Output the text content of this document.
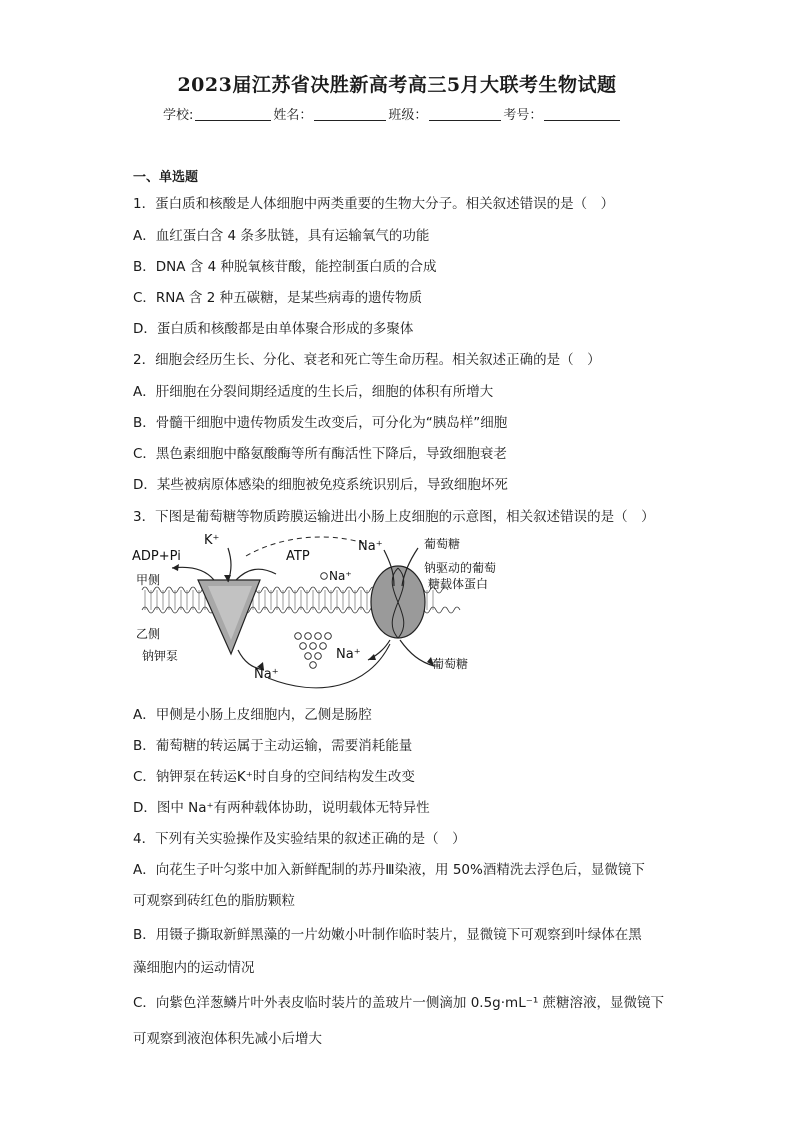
2023届江苏省决胜新高考高三5月大联考生物试题
学校:	姓名：	班级：	考号：
一、单选题
1．蛋白质和核酸是人体细胞中两类重要的生物大分子。相关叙述错误的是（　）
A．血红蛋白含 4 条多肽链，具有运输氧气的功能
B．DNA 含 4 种脱氧核苷酸，能控制蛋白质的合成
C．RNA 含 2 种五碳糖，是某些病毒的遗传物质
D．蛋白质和核酸都是由单体聚合形成的多聚体
2．细胞会经历生长、分化、衰老和死亡等生命历程。相关叙述正确的是（　）
A．肝细胞在分裂间期经适度的生长后，细胞的体积有所增大
B．骨髓干细胞中遗传物质发生改变后，可分化为“胰岛样”细胞
C．黑色素细胞中酪氨酸酶等所有酶活性下降后，导致细胞衰老
D．某些被病原体感染的细胞被免疫系统识别后，导致细胞坏死
3．下图是葡萄糖等物质跨膜运输进出小肠上皮细胞的示意图，相关叙述错误的是（　）
ADP+Pi
K⁺
ATP
Na⁺
Na⁺
Na⁺
Na⁺
葡萄糖
钠驱动的葡萄
糖载体蛋白
葡萄糖
甲侧
乙侧
钠钾泵
A．甲侧是小肠上皮细胞内，乙侧是肠腔
B．葡萄糖的转运属于主动运输，需要消耗能量
C．钠钾泵在转运K⁺时自身的空间结构发生改变
D．图中 Na⁺有两种载体协助，说明载体无特异性
4．下列有关实验操作及实验结果的叙述正确的是（　）
A．向花生子叶匀浆中加入新鲜配制的苏丹Ⅲ染液，用 50%酒精洗去浮色后，显微镜下
可观察到砖红色的脂肪颗粒
B．用镊子撕取新鲜黑藻的一片幼嫩小叶制作临时装片，显微镜下可观察到叶绿体在黑
藻细胞内的运动情况
C．向紫色洋葱鳞片叶外表皮临时装片的盖玻片一侧滴加 0.5g·mL⁻¹ 蔗糖溶液，显微镜下
可观察到液泡体积先减小后增大
